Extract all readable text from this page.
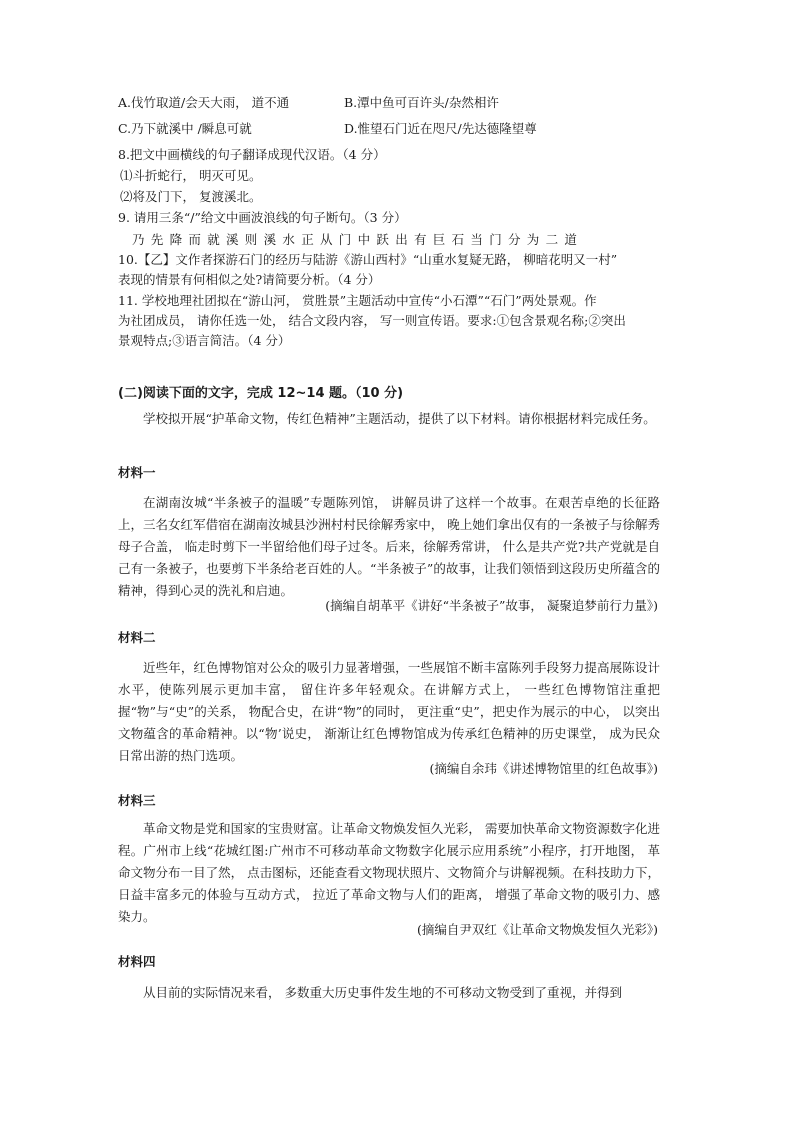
A.伐竹取道/会天大雨， 道不通	B.潭中鱼可百许头/杂然相许
C.乃下就溪中 /瞬息可就	D.惟望石门近在咫尺/先达德隆望尊
8.把文中画横线的句子翻译成现代汉语。（4 分）
⑴斗折蛇行， 明灭可见。
⑵将及门下， 复渡溪北。
9. 请用三条“/”给文中画波浪线的句子断句。（3 分）
乃先降而就溪则溪水正从门中跃出有巨石当门分为二道
10.【乙】文作者探游石门的经历与陆游《游山西村》“山重水复疑无路， 柳暗花明又一村”
表现的情景有何相似之处?请简要分析。（4 分）
11. 学校地理社团拟在“游山河， 赏胜景”主题活动中宣传“小石潭”“石门”两处景观。作
为社团成员， 请你任选一处， 结合文段内容， 写一则宣传语。要求:①包含景观名称;②突出
景观特点;③语言简洁。（4 分）
(二)阅读下面的文字，完成 12~14 题。（10 分)
学校拟开展“护革命文物，传红色精神”主题活动，提供了以下材料。请你根据材料完成任务。
材料一
在湖南汝城“半条被子的温暖”专题陈列馆， 讲解员讲了这样一个故事。在艰苦卓绝的长征路上，三名女红军借宿在湖南汝城县沙洲村村民徐解秀家中， 晚上她们拿出仅有的一条被子与徐解秀母子合盖， 临走时剪下一半留给他们母子过冬。后来，徐解秀常讲， 什么是共产党?共产党就是自己有一条被子，也要剪下半条给老百姓的人。“半条被子”的故事，让我们领悟到这段历史所蕴含的精神，得到心灵的洗礼和启迪。
(摘编自胡革平《讲好“半条被子”故事， 凝聚追梦前行力量》)
材料二
近些年，红色博物馆对公众的吸引力显著增强，一些展馆不断丰富陈列手段努力提高展陈设计水平，使陈列展示更加丰富， 留住许多年轻观众。在讲解方式上， 一些红色博物馆注重把握“物”与“史”的关系， 物配合史，在讲“物”的同时， 更注重“史”，把史作为展示的中心， 以突出文物蕴含的革命精神。以“物’说史， 渐渐让红色博物馆成为传承红色精神的历史课堂， 成为民众日常出游的热门选项。
(摘编自余玮《讲述博物馆里的红色故事》)
材料三
革命文物是党和国家的宝贵财富。让革命文物焕发恒久光彩， 需要加快革命文物资源数字化进程。广州市上线“花城红图:广州市不可移动革命文物数字化展示应用系统”小程序，打开地图， 革命文物分布一目了然， 点击图标，还能查看文物现状照片、文物简介与讲解视频。在科技助力下， 日益丰富多元的体验与互动方式， 拉近了革命文物与人们的距离， 增强了革命文物的吸引力、感染力。
(摘编自尹双红《让革命文物焕发恒久光彩》)
材料四
从目前的实际情况来看， 多数重大历史事件发生地的不可移动文物受到了重视，并得到
